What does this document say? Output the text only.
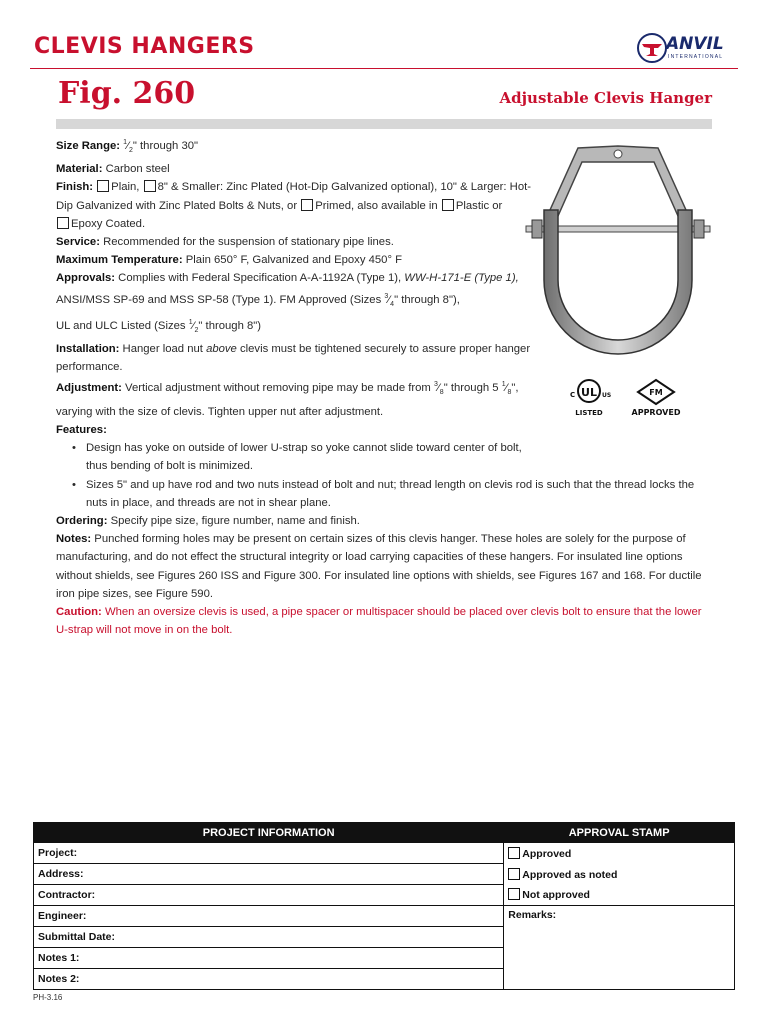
CLEVIS HANGERS	ANVIL
INTERNATIONAL
Fig. 260	Adjustable Clevis Hanger
UL
C	US
LISTED
FM
APPROVED

Size Range: $^1⁄_2$" through 30"

Material: Carbon steel

Finish: Plain, 8" & Smaller: Zinc Plated (Hot-Dip Galvanized optional), 10" & Larger: Hot-Dip Galvanized with Zinc Plated Bolts & Nuts, or Primed, also available in Plastic or
Epoxy Coated.

Service: Recommended for the suspension of stationary pipe lines.

Maximum Temperature: Plain 650° F, Galvanized and Epoxy 450° F

Approvals: Complies with Federal Specification A-A-1192A (Type 1), WW-H-171-E (Type 1),
ANSI/MSS SP-69 and MSS SP-58 (Type 1). FM Approved (Sizes $^3⁄_4$" through 8"),
UL and ULC Listed (Sizes $^1⁄_2$" through 8")

Installation: Hanger load nut above clevis must be tightened securely to assure proper hanger performance.

Adjustment: Vertical adjustment without removing pipe may be made from $^3⁄_8$" through 5 $^1⁄_8$",
varying with the size of clevis. Tighten upper nut after adjustment.

Features:

• Design has yoke on outside of lower U-strap so yoke cannot slide toward center of bolt, thus bending of bolt is minimized.
• Sizes 5" and up have rod and two nuts instead of bolt and nut; thread length on clevis rod is such that the thread locks the nuts in place, and threads are not in shear plane.

Ordering: Specify pipe size, figure number, name and finish.

Notes: Punched forming holes may be present on certain sizes of this clevis hanger. These holes are solely for the purpose of manufacturing, and do not effect the structural integrity or load carrying capacities of these hangers. For insulated line options without shields, see Figures 260 ISS and Figure 300. For insulated line options with shields, see Figures 167 and 168. For ductile iron pipe sizes, see Figure 590.

Caution: When an oversize clevis is used, a pipe spacer or multispacer should be placed over clevis bolt to ensure that the lower U-strap will not move in on the bolt.

PROJECT INFORMATION	APPROVAL STAMP
Project:	Approved
Address:	Approved as noted
Contractor:	Not approved
Engineer:	Remarks:
Submittal Date:	
Notes 1:	
Notes 2:	
PH-3.16
